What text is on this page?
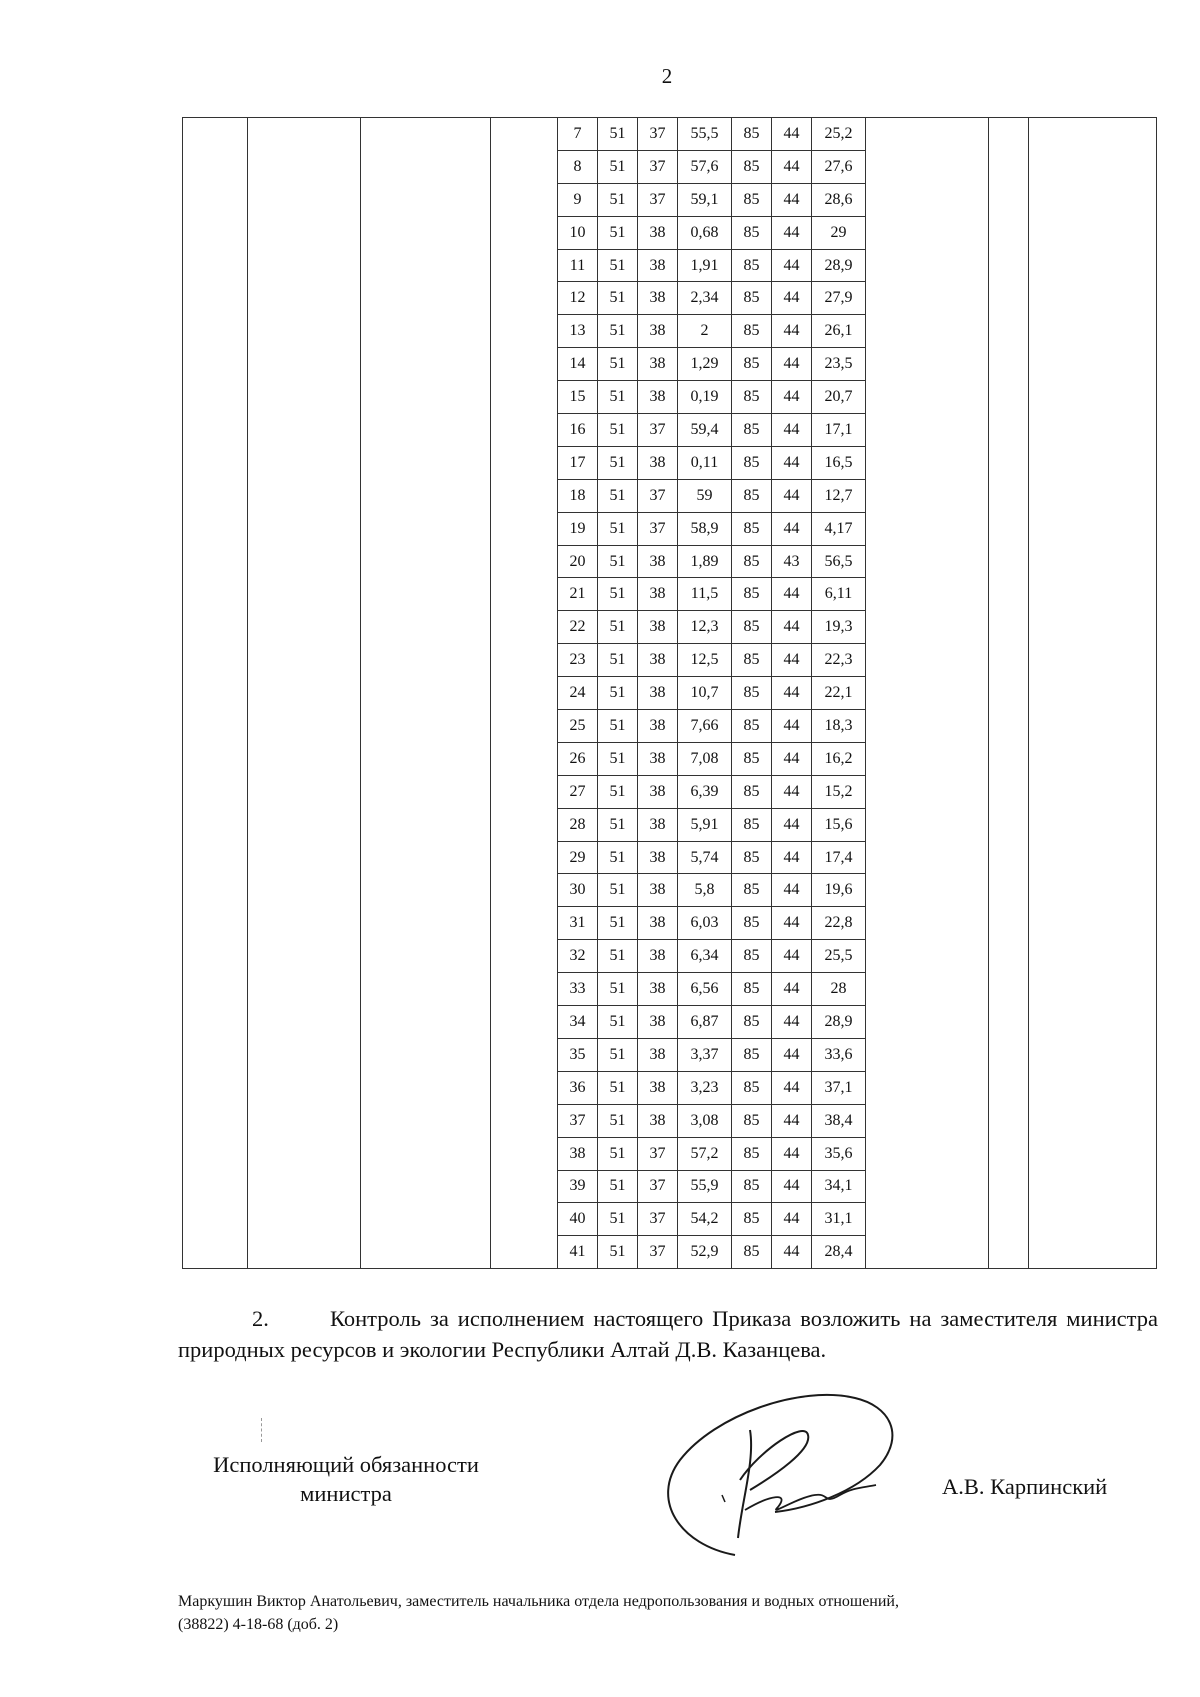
2
				7	51	37	55,5	85	44	25,2			
				8	51	37	57,6	85	44	27,6			
				9	51	37	59,1	85	44	28,6			
				10	51	38	0,68	85	44	29			
				11	51	38	1,91	85	44	28,9			
				12	51	38	2,34	85	44	27,9			
				13	51	38	2	85	44	26,1			
				14	51	38	1,29	85	44	23,5			
				15	51	38	0,19	85	44	20,7			
				16	51	37	59,4	85	44	17,1			
				17	51	38	0,11	85	44	16,5			
				18	51	37	59	85	44	12,7			
				19	51	37	58,9	85	44	4,17			
				20	51	38	1,89	85	43	56,5			
				21	51	38	11,5	85	44	6,11			
				22	51	38	12,3	85	44	19,3			
				23	51	38	12,5	85	44	22,3			
				24	51	38	10,7	85	44	22,1			
				25	51	38	7,66	85	44	18,3			
				26	51	38	7,08	85	44	16,2			
				27	51	38	6,39	85	44	15,2			
				28	51	38	5,91	85	44	15,6			
				29	51	38	5,74	85	44	17,4			
				30	51	38	5,8	85	44	19,6			
				31	51	38	6,03	85	44	22,8			
				32	51	38	6,34	85	44	25,5			
				33	51	38	6,56	85	44	28			
				34	51	38	6,87	85	44	28,9			
				35	51	38	3,37	85	44	33,6			
				36	51	38	3,23	85	44	37,1			
				37	51	38	3,08	85	44	38,4			
				38	51	37	57,2	85	44	35,6			
				39	51	37	55,9	85	44	34,1			
				40	51	37	54,2	85	44	31,1			
				41	51	37	52,9	85	44	28,4			
2.	Контроль за исполнением настоящего Приказа возложить на заместителя министра природных ресурсов и экологии Республики Алтай Д.В. Казанцева.
Исполняющий обязанности
министра	А.В. Карпинский
Маркушин Виктор Анатольевич, заместитель начальника отдела недропользования и водных отношений,
(38822) 4-18-68 (доб. 2)
